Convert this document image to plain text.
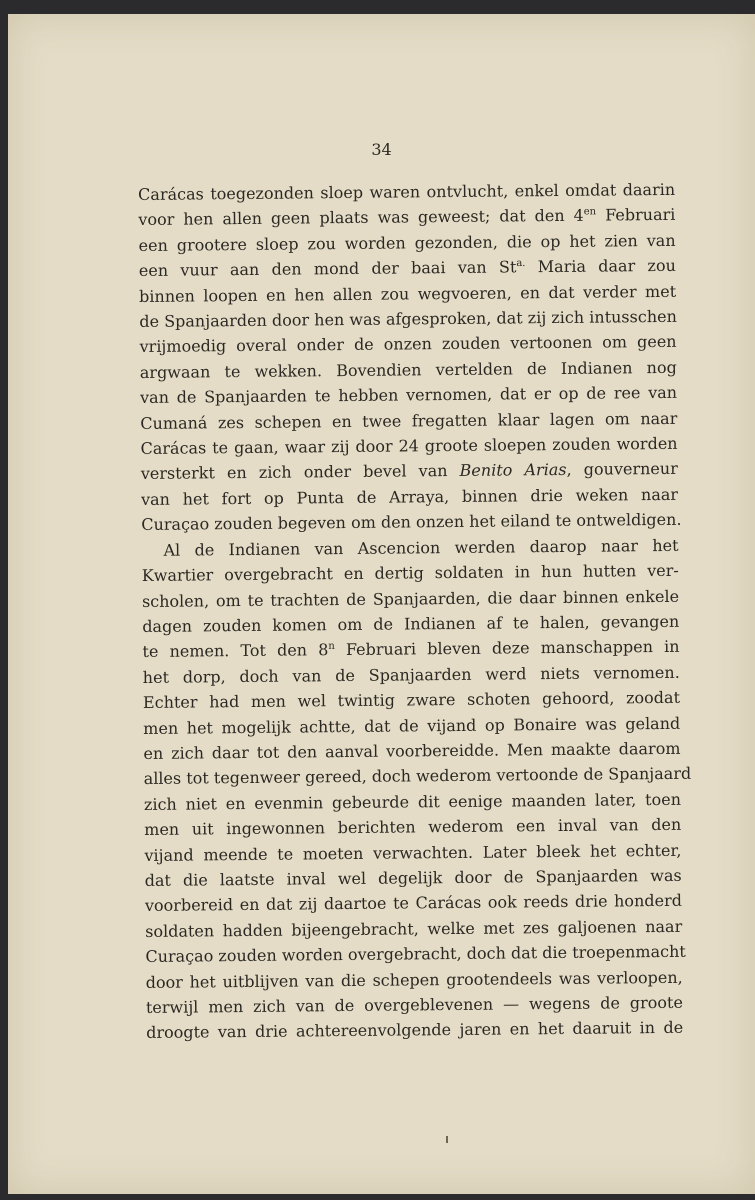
34
Carácas toegezonden sloep waren ontvlucht, enkel omdat daarin
voor hen allen geen plaats was geweest; dat den $4^{en}$ Februari
een grootere sloep zou worden gezonden, die op het zien van
een vuur aan den mond der baai van $St^{a.}$ Maria daar zou
binnen loopen en hen allen zou wegvoeren, en dat verder met
de Spanjaarden door hen was afgesproken, dat zij zich intusschen
vrijmoedig overal onder de onzen zouden vertoonen om geen
argwaan te wekken. Bovendien vertelden de Indianen nog
van de Spanjaarden te hebben vernomen, dat er op de ree van
Cumaná zes schepen en twee fregatten klaar lagen om naar
Carácas te gaan, waar zij door 24 groote sloepen zouden worden
versterkt en zich onder bevel van Benito Arias, gouverneur
van het fort op Punta de Arraya, binnen drie weken naar
Curaçao zouden begeven om den onzen het eiland te ontweldigen.
Al de Indianen van Ascencion werden daarop naar het
Kwartier overgebracht en dertig soldaten in hun hutten ver-
scholen, om te trachten de Spanjaarden, die daar binnen enkele
dagen zouden komen om de Indianen af te halen, gevangen
te nemen. Tot den 8$^n$ Februari bleven deze manschappen in
het dorp, doch van de Spanjaarden werd niets vernomen.
Echter had men wel twintig zware schoten gehoord, zoodat
men het mogelijk achtte, dat de vijand op Bonaire was geland
en zich daar tot den aanval voorbereidde. Men maakte daarom
alles tot tegenweer gereed, doch wederom vertoonde de Spanjaard
zich niet en evenmin gebeurde dit eenige maanden later, toen
men uit ingewonnen berichten wederom een inval van den
vijand meende te moeten verwachten. Later bleek het echter,
dat die laatste inval wel degelijk door de Spanjaarden was
voorbereid en dat zij daartoe te Carácas ook reeds drie honderd
soldaten hadden bijeengebracht, welke met zes galjoenen naar
Curaçao zouden worden overgebracht, doch dat die troepenmacht
door het uitblijven van die schepen grootendeels was verloopen,
terwijl men zich van de overgeblevenen — wegens de groote
droogte van drie achtereenvolgende jaren en het daaruit in de
